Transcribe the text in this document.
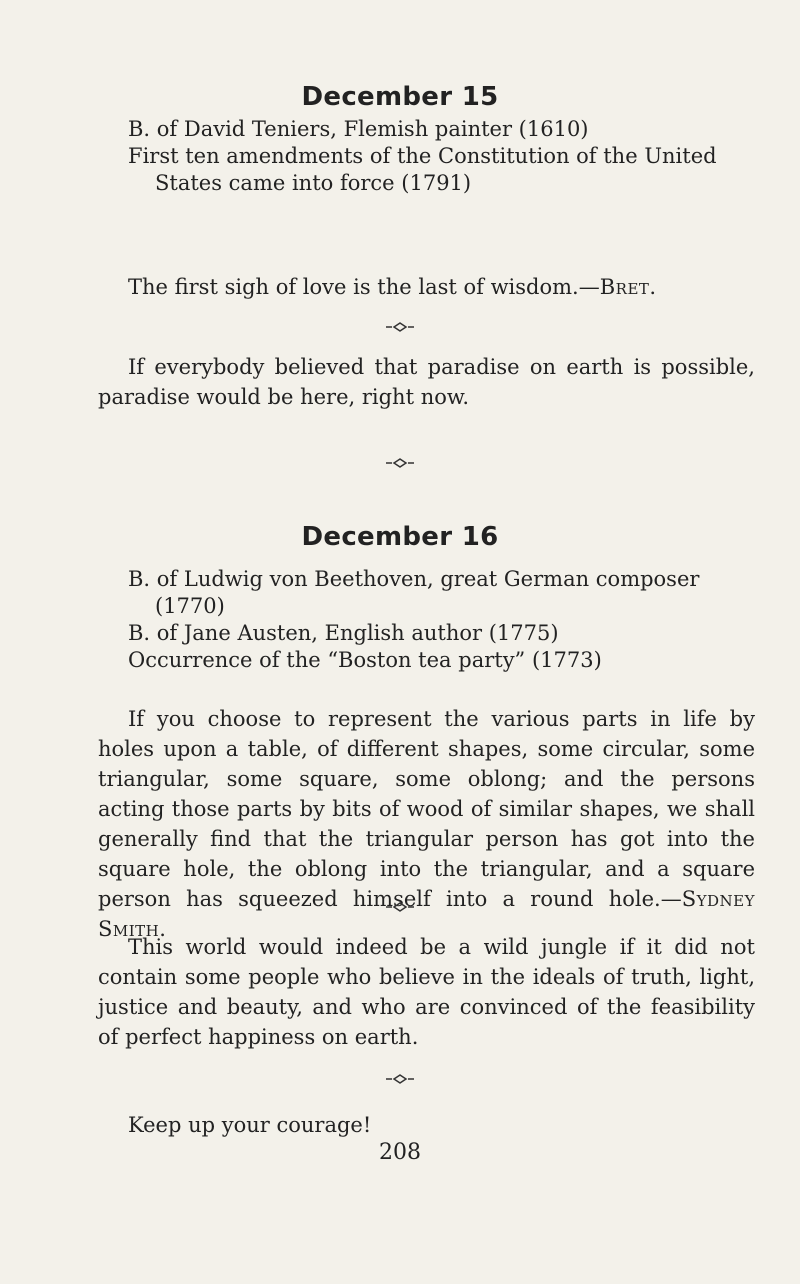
December 15

B. of David Teniers, Flemish painter (1610)

First ten amendments of the Constitution of the United States came into force (1791)

The first sigh of love is the last of wisdom.—Bret.

If everybody believed that paradise on earth is possible, paradise would be here, right now.

December 16

B. of Ludwig von Beethoven, great German composer (1770)

B. of Jane Austen, English author (1775)

Occurrence of the “Boston tea party” (1773)

If you choose to represent the various parts in life by holes upon a table, of different shapes, some circular, some triangular, some square, some oblong; and the persons acting those parts by bits of wood of similar shapes, we shall generally find that the triangular person has got into the square hole, the oblong into the triangular, and a square person has squeezed himself into a round hole.—Sydney Smith.

This world would indeed be a wild jungle if it did not contain some people who believe in the ideals of truth, light, justice and beauty, and who are convinced of the feasibility of perfect happiness on earth.

Keep up your courage!

208
